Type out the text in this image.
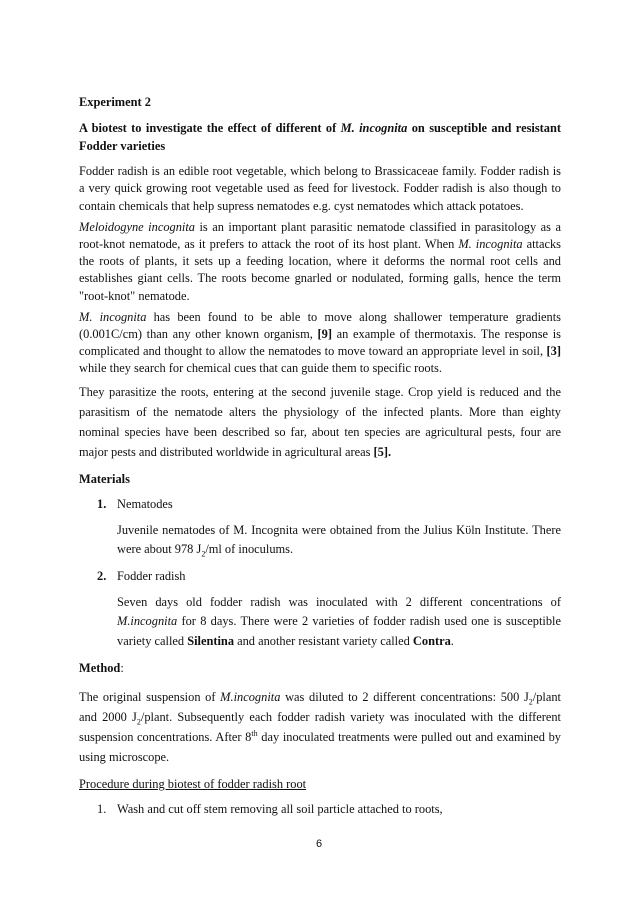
Experiment 2

A biotest to investigate the effect of different of M. incognita on susceptible and resistant Fodder varieties

Fodder radish is an edible root vegetable, which belong to Brassicaceae family. Fodder radish is a very quick growing root vegetable used as feed for livestock. Fodder radish is also though to contain chemicals that help supress nematodes e.g. cyst nematodes which attack potatoes.

Meloidogyne incognita is an important plant parasitic nematode classified in parasitology as a root-knot nematode, as it prefers to attack the root of its host plant. When M. incognita attacks the roots of plants, it sets up a feeding location, where it deforms the normal root cells and establishes giant cells. The roots become gnarled or nodulated, forming galls, hence the term "root-knot" nematode.

M. incognita has been found to be able to move along shallower temperature gradients (0.001C/cm) than any other known organism, [9] an example of thermotaxis. The response is complicated and thought to allow the nematodes to move toward an appropriate level in soil, [3] while they search for chemical cues that can guide them to specific roots.

They parasitize the roots, entering at the second juvenile stage. Crop yield is reduced and the parasitism of the nematode alters the physiology of the infected plants. More than eighty nominal species have been described so far, about ten species are agricultural pests, four are major pests and distributed worldwide in agricultural areas [5].

Materials

1. Nematodes

Juvenile nematodes of M. Incognita were obtained from the Julius Kϋln Institute. There were about 978 $J_2/ml$ of inoculums.

2. Fodder radish

Seven days old fodder radish was inoculated with 2 different concentrations of M.incognita for 8 days. There were 2 varieties of fodder radish used one is susceptible variety called Silentina and another resistant variety called Contra.

Method:

The original suspension of M.incognita was diluted to 2 different concentrations: 500 $J_2$/plant and 2000 $J_2$/plant. Subsequently each fodder radish variety was inoculated with the different suspension concentrations. After 8th day inoculated treatments were pulled out and examined by using microscope.

Procedure during biotest of fodder radish root

1. Wash and cut off stem removing all soil particle attached to roots,
6
